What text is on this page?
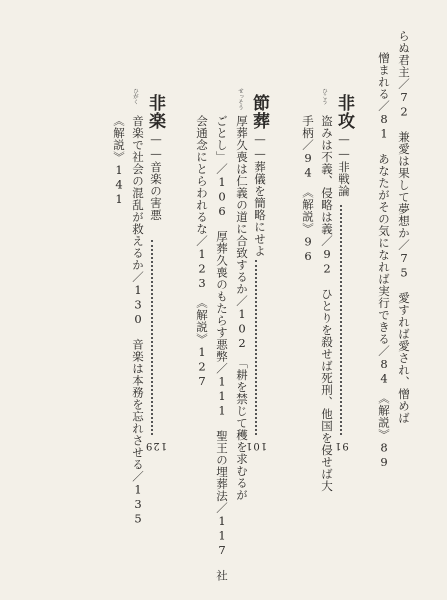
らぬ君主／72　兼愛は果して夢想か／75　愛すれば愛され、憎めば
憎まれる／81　あなたがその気になれば実行できる／84　《解説》89
ひこう 非攻
——非戦論
91
盗みは不義、侵略は義／92　ひとりを殺せば死刑、他国を侵せば大
手柄／94　《解説》96
せっそう 節葬
——葬儀を簡略にせよ
101
厚葬久喪は仁義の道に合致するか／102　「耕を禁じて穫を求むるが
ごとし」／106　厚葬久喪のもたらす悪弊／111　聖王の埋葬法／117　社
会通念にとらわれるな／123　《解説》127
ひがく 非楽
——音楽の害悪
129
音楽で社会の混乱が救えるか／130　音楽は本務を忘れさせる／135
《解説》141
